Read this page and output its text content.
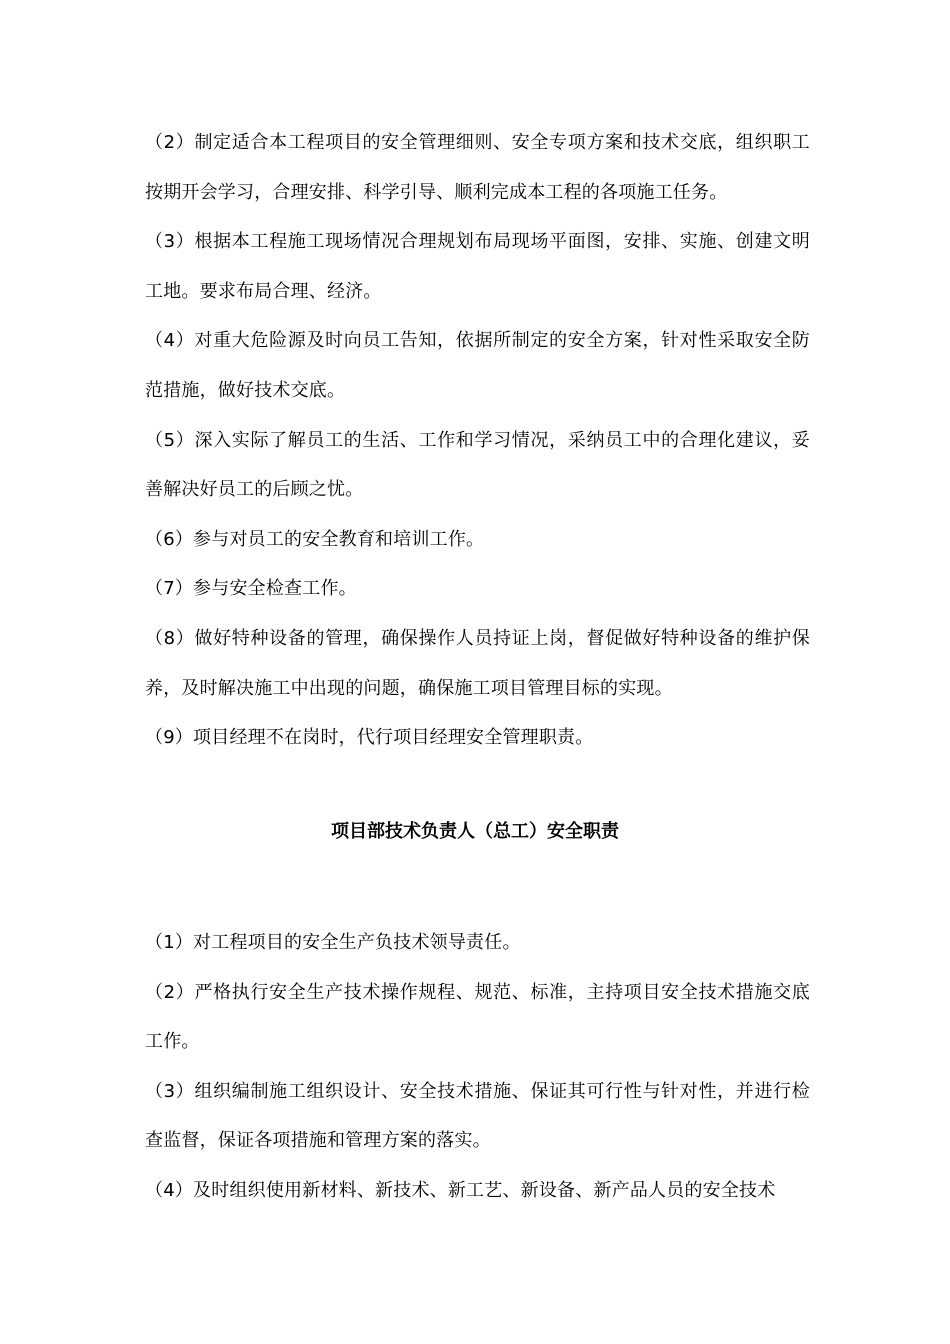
（2）制定适合本工程项目的安全管理细则、安全专项方案和技术交底，组织职工按期开会学习，合理安排、科学引导、顺利完成本工程的各项施工任务。

（3）根据本工程施工现场情况合理规划布局现场平面图，安排、实施、创建文明工地。要求布局合理、经济。

（4）对重大危险源及时向员工告知，依据所制定的安全方案，针对性采取安全防范措施，做好技术交底。

（5）深入实际了解员工的生活、工作和学习情况，采纳员工中的合理化建议，妥善解决好员工的后顾之忧。

（6）参与对员工的安全教育和培训工作。

（7）参与安全检查工作。

（8）做好特种设备的管理，确保操作人员持证上岗，督促做好特种设备的维护保养，及时解决施工中出现的问题，确保施工项目管理目标的实现。

（9）项目经理不在岗时，代行项目经理安全管理职责。

项目部技术负责人（总工）安全职责

（1）对工程项目的安全生产负技术领导责任。

（2）严格执行安全生产技术操作规程、规范、标准，主持项目安全技术措施交底工作。

（3）组织编制施工组织设计、安全技术措施、保证其可行性与针对性，并进行检查监督，保证各项措施和管理方案的落实。

（4）及时组织使用新材料、新技术、新工艺、新设备、新产品人员的安全技术
